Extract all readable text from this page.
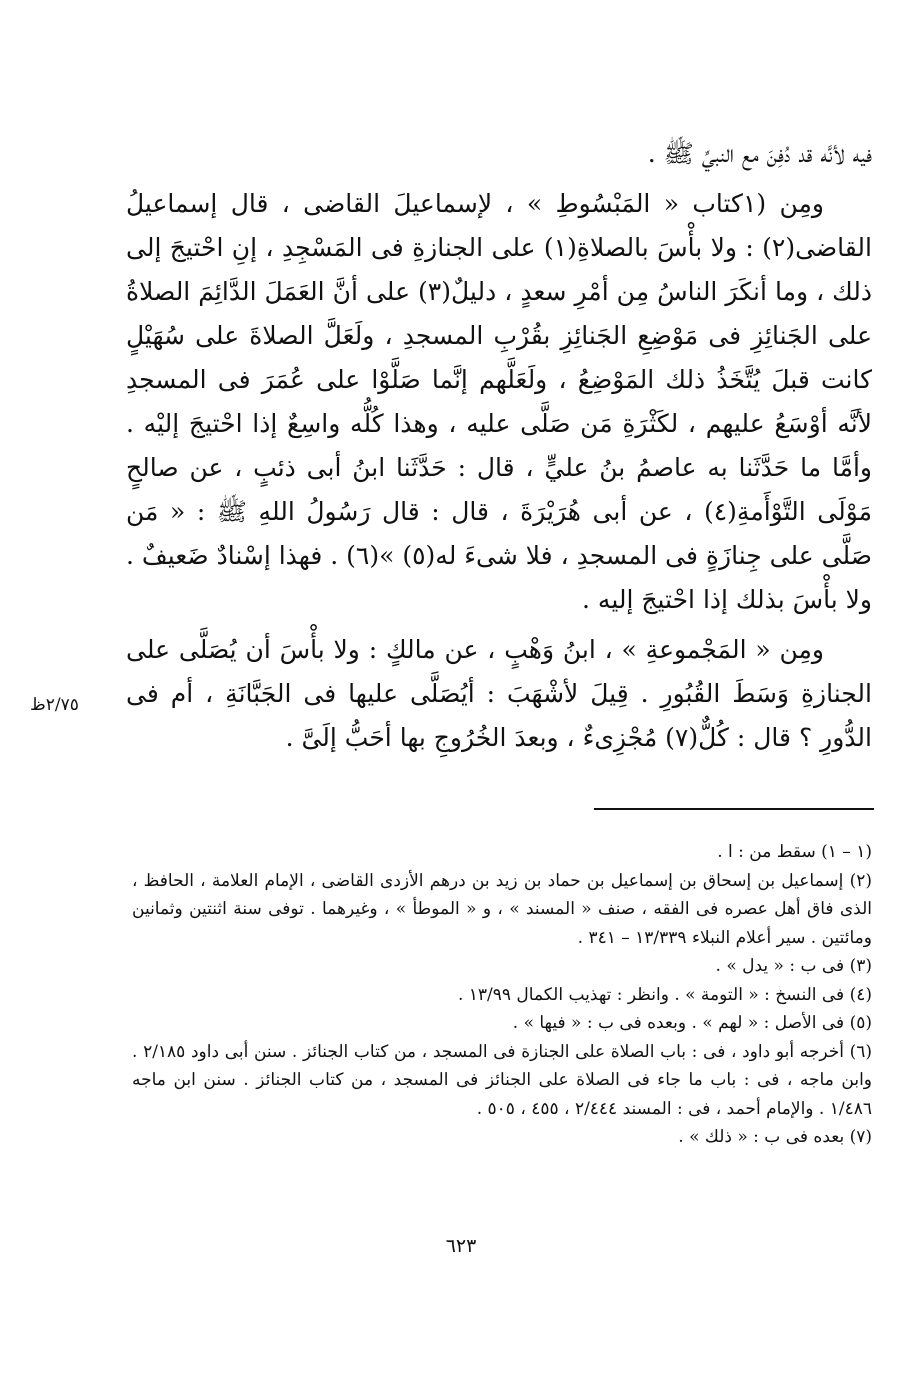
فيه لأنَّه قد دُفِنَ مع النبيِّ ﷺ .

ومِن (١كتاب « المَبْسُوطِ » ، لإسماعيلَ القاضى ، قال إسماعيلُ القاضى(٢) : ولا بأْسَ بالصلاةِ(١) على الجنازةِ فى المَسْجِدِ ، إنِ احْتيجَ إلى ذلك ، وما أنكَرَ الناسُ مِن أمْرِ سعدٍ ، دليلٌ(٣) على أنَّ العَمَلَ الدَّائِمَ الصلاةُ على الجَنائِزِ فى مَوْضِعِ الجَنائِزِ بقُرْبِ المسجدِ ، ولَعَلَّ الصلاةَ على سُهَيْلٍ كانت قبلَ يُتَّخَذُ ذلك المَوْضِعُ ، ولَعَلَّهم إنَّما صَلَّوْا على عُمَرَ فى المسجدِ لأنَّه أوْسَعُ عليهم ، لكَثْرَةِ مَن صَلَّى عليه ، وهذا كُلُّه واسِعٌ إذا احْتيجَ إليْه . وأمَّا ما حَدَّثَنا به عاصمُ بنُ عليٍّ ، قال : حَدَّثَنا ابنُ أبى ذئبٍ ، عن صالحٍ مَوْلَى التَّوْأَمةِ(٤) ، عن أبى هُرَيْرَةَ ، قال : قال رَسُولُ اللهِ ﷺ : « مَن صَلَّى على جِنازَةٍ فى المسجدِ ، فلا شىءَ له(٥) »(٦) . فهذا إسْنادٌ ضَعيفٌ . ولا بأْسَ بذلك إذا احْتيجَ إليه .

ومِن « المَجْموعةِ » ، ابنُ وَهْبٍ ، عن مالكٍ : ولا بأْسَ أن يُصَلَّى على الجنازةِ وَسَطَ القُبُورِ . قِيلَ لأشْهَبَ : أيُصَلَّى عليها فى الجَبَّانَةِ ، أم فى الدُّورِ ؟ قال : كُلٌّ(٧) مُجْزِىءٌ ، وبعدَ الخُرُوجِ بها أحَبُّ إلَىَّ .

٢/٧٥ظ

(١ – ١) سقط من : ا .

(٢) إسماعيل بن إسحاق بن إسماعيل بن حماد بن زيد بن درهم الأزدى القاضى ، الإمام العلامة ، الحافظ ، الذى فاق أهل عصره فى الفقه ، صنف « المسند » ، و « الموطأ » ، وغيرهما . توفى سنة اثنتين وثمانين ومائتين . سير أعلام النبلاء ١٣/٣٣٩ – ٣٤١ .

(٣) فى ب : « يدل » .

(٤) فى النسخ : « التومة » . وانظر : تهذيب الكمال ١٣/٩٩ .

(٥) فى الأصل : « لهم » . وبعده فى ب : « فيها » .

(٦) أخرجه أبو داود ، فى : باب الصلاة على الجنازة فى المسجد ، من كتاب الجنائز . سنن أبى داود ٢/١٨٥ . وابن ماجه ، فى : باب ما جاء فى الصلاة على الجنائز فى المسجد ، من كتاب الجنائز . سنن ابن ماجه ١/٤٨٦ . والإمام أحمد ، فى : المسند ٢/٤٤٤ ، ٤٥٥ ، ٥٠٥ .

(٧) بعده فى ب : « ذلك » .

٦٢٣
